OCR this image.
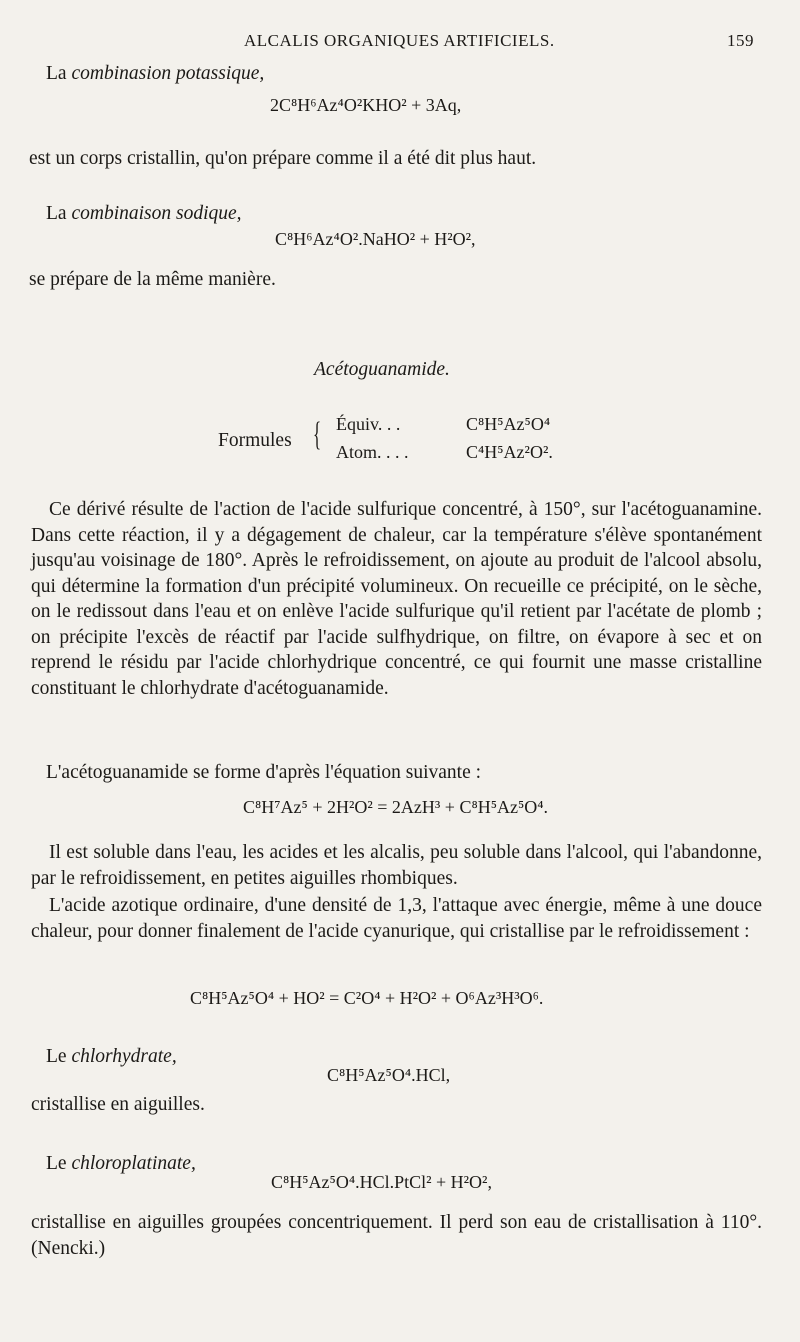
ALCALIS ORGANIQUES ARTIFICIELS.	159
La combinasion potassique,
2C⁸H⁶Az⁴O²KHO² + 3Aq,
est un corps cristallin, qu'on prépare comme il a été dit plus haut.
La combinaison sodique,
C⁸H⁶Az⁴O².NaHO² + H²O²,
se prépare de la même manière.
Acétoguanamide.
Formules { Équiv. . .	C⁸H⁵Az⁵O⁴
Atom. . . .	C⁴H⁵Az²O².
Ce dérivé résulte de l'action de l'acide sulfurique concentré, à 150°, sur l'acétoguanamine. Dans cette réaction, il y a dégagement de chaleur, car la température s'élève spontanément jusqu'au voisinage de 180°. Après le refroidissement, on ajoute au produit de l'alcool absolu, qui détermine la formation d'un précipité volumineux. On recueille ce précipité, on le sèche, on le redissout dans l'eau et on enlève l'acide sulfurique qu'il retient par l'acétate de plomb ; on précipite l'excès de réactif par l'acide sulfhydrique, on filtre, on évapore à sec et on reprend le résidu par l'acide chlorhydrique concentré, ce qui fournit une masse cristalline constituant le chlorhydrate d'acétoguanamide.
L'acétoguanamide se forme d'après l'équation suivante :
C⁸H⁷Az⁵ + 2H²O² = 2AzH³ + C⁸H⁵Az⁵O⁴.
Il est soluble dans l'eau, les acides et les alcalis, peu soluble dans l'alcool, qui l'abandonne, par le refroidissement, en petites aiguilles rhombiques.
L'acide azotique ordinaire, d'une densité de 1,3, l'attaque avec énergie, même à une douce chaleur, pour donner finalement de l'acide cyanurique, qui cristallise par le refroidissement :
C⁸H⁵Az⁵O⁴ + HO² = C²O⁴ + H²O² + O⁶Az³H³O⁶.
Le chlorhydrate,
C⁸H⁵Az⁵O⁴.HCl,
cristallise en aiguilles.
Le chloroplatinate,
C⁸H⁵Az⁵O⁴.HCl.PtCl² + H²O²,
cristallise en aiguilles groupées concentriquement. Il perd son eau de cristallisation à 110°. (Nencki.)
